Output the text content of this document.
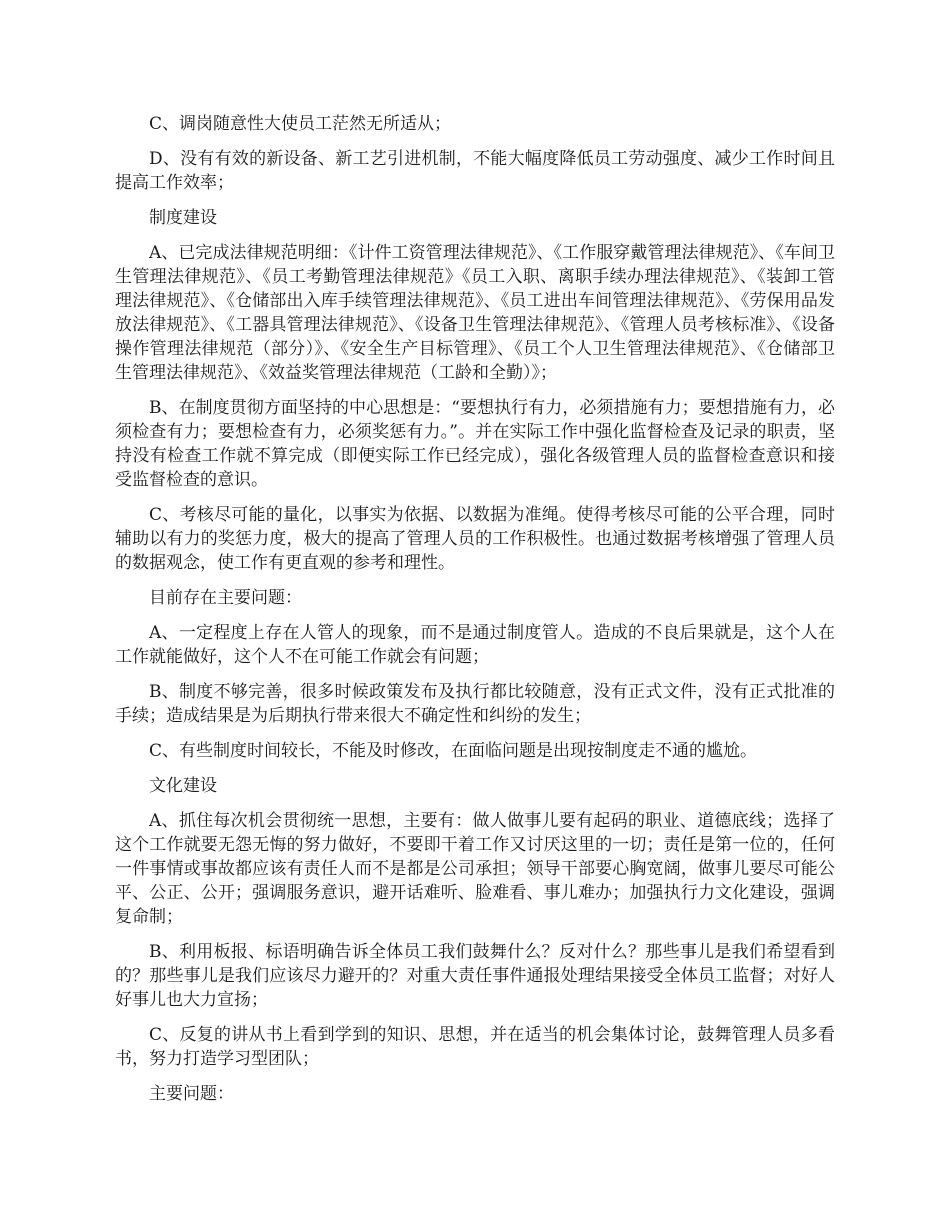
C、调岗随意性大使员工茫然无所适从；

D、没有有效的新设备、新工艺引进机制，不能大幅度降低员工劳动强度、减少工作时间且提高工作效率；

制度建设

A、已完成法律规范明细：《计件工资管理法律规范》、《工作服穿戴管理法律规范》、《车间卫生管理法律规范》、《员工考勤管理法律规范》《员工入职、离职手续办理法律规范》、《装卸工管理法律规范》、《仓储部出入库手续管理法律规范》、《员工进出车间管理法律规范》、《劳保用品发放法律规范》、《工器具管理法律规范》、《设备卫生管理法律规范》、《管理人员考核标准》、《设备操作管理法律规范（部分）》、《安全生产目标管理》、《员工个人卫生管理法律规范》、《仓储部卫生管理法律规范》、《效益奖管理法律规范（工龄和全勤）》；

B、在制度贯彻方面坚持的中心思想是：“要想执行有力，必须措施有力；要想措施有力，必须检查有力；要想检查有力，必须奖惩有力。”。并在实际工作中强化监督检查及记录的职责，坚持没有检查工作就不算完成（即便实际工作已经完成），强化各级管理人员的监督检查意识和接受监督检查的意识。

C、考核尽可能的量化，以事实为依据、以数据为准绳。使得考核尽可能的公平合理，同时辅助以有力的奖惩力度，极大的提高了管理人员的工作积极性。也通过数据考核增强了管理人员的数据观念，使工作有更直观的参考和理性。

目前存在主要问题：

A、一定程度上存在人管人的现象，而不是通过制度管人。造成的不良后果就是，这个人在工作就能做好，这个人不在可能工作就会有问题；

B、制度不够完善，很多时候政策发布及执行都比较随意，没有正式文件，没有正式批准的手续；造成结果是为后期执行带来很大不确定性和纠纷的发生；

C、有些制度时间较长，不能及时修改，在面临问题是出现按制度走不通的尴尬。

文化建设

A、抓住每次机会贯彻统一思想，主要有：做人做事儿要有起码的职业、道德底线；选择了这个工作就要无怨无悔的努力做好，不要即干着工作又讨厌这里的一切；责任是第一位的，任何一件事情或事故都应该有责任人而不是都是公司承担；领导干部要心胸宽阔，做事儿要尽可能公平、公正、公开；强调服务意识，避开话难听、脸难看、事儿难办；加强执行力文化建设，强调复命制；

B、利用板报、标语明确告诉全体员工我们鼓舞什么？反对什么？那些事儿是我们希望看到的？那些事儿是我们应该尽力避开的？对重大责任事件通报处理结果接受全体员工监督；对好人好事儿也大力宣扬；

C、反复的讲从书上看到学到的知识、思想，并在适当的机会集体讨论，鼓舞管理人员多看书，努力打造学习型团队；

主要问题：
